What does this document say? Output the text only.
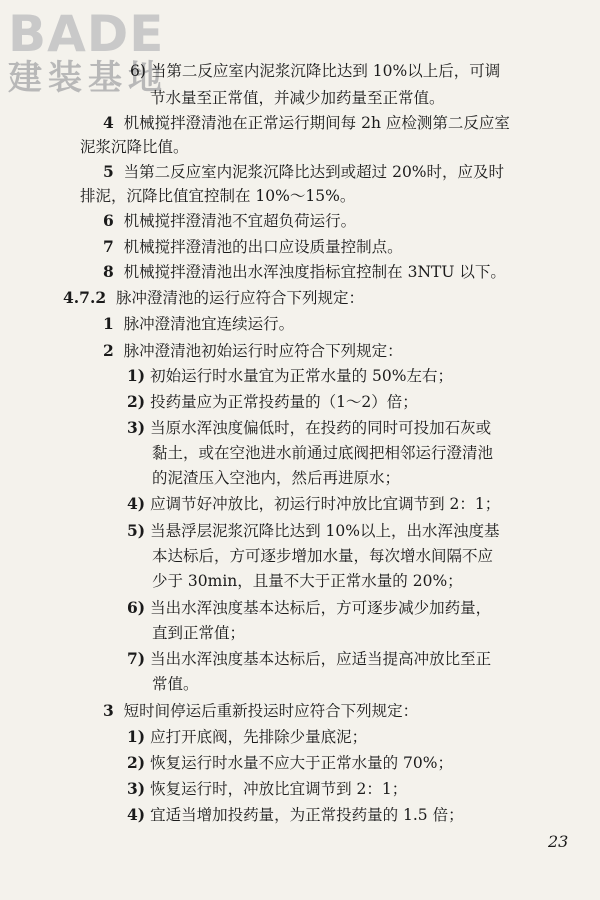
BADE
建装基地
6) 当第二反应室内泥浆沉降比达到 10%以上后，可调
节水量至正常值，并减少加药量至正常值。
4 机械搅拌澄清池在正常运行期间每 2h 应检测第二反应室
泥浆沉降比值。
5 当第二反应室内泥浆沉降比达到或超过 20%时，应及时
排泥，沉降比值宜控制在 10%～15%。
6 机械搅拌澄清池不宜超负荷运行。
7 机械搅拌澄清池的出口应设质量控制点。
8 机械搅拌澄清池出水浑浊度指标宜控制在 3NTU 以下。
4.7.2 脉冲澄清池的运行应符合下列规定：
1 脉冲澄清池宜连续运行。
2 脉冲澄清池初始运行时应符合下列规定：
1) 初始运行时水量宜为正常水量的 50%左右；
2) 投药量应为正常投药量的（1～2）倍；
3) 当原水浑浊度偏低时，在投药的同时可投加石灰或
黏土，或在空池进水前通过底阀把相邻运行澄清池
的泥渣压入空池内，然后再进原水；
4) 应调节好冲放比，初运行时冲放比宜调节到 2：1；
5) 当悬浮层泥浆沉降比达到 10%以上，出水浑浊度基
本达标后，方可逐步增加水量，每次增水间隔不应
少于 30min，且量不大于正常水量的 20%；
6) 当出水浑浊度基本达标后，方可逐步减少加药量，
直到正常值；
7) 当出水浑浊度基本达标后，应适当提高冲放比至正
常值。
3 短时间停运后重新投运时应符合下列规定：
1) 应打开底阀，先排除少量底泥；
2) 恢复运行时水量不应大于正常水量的 70%；
3) 恢复运行时，冲放比宜调节到 2：1；
4) 宜适当增加投药量，为正常投药量的 1.5 倍；
23
